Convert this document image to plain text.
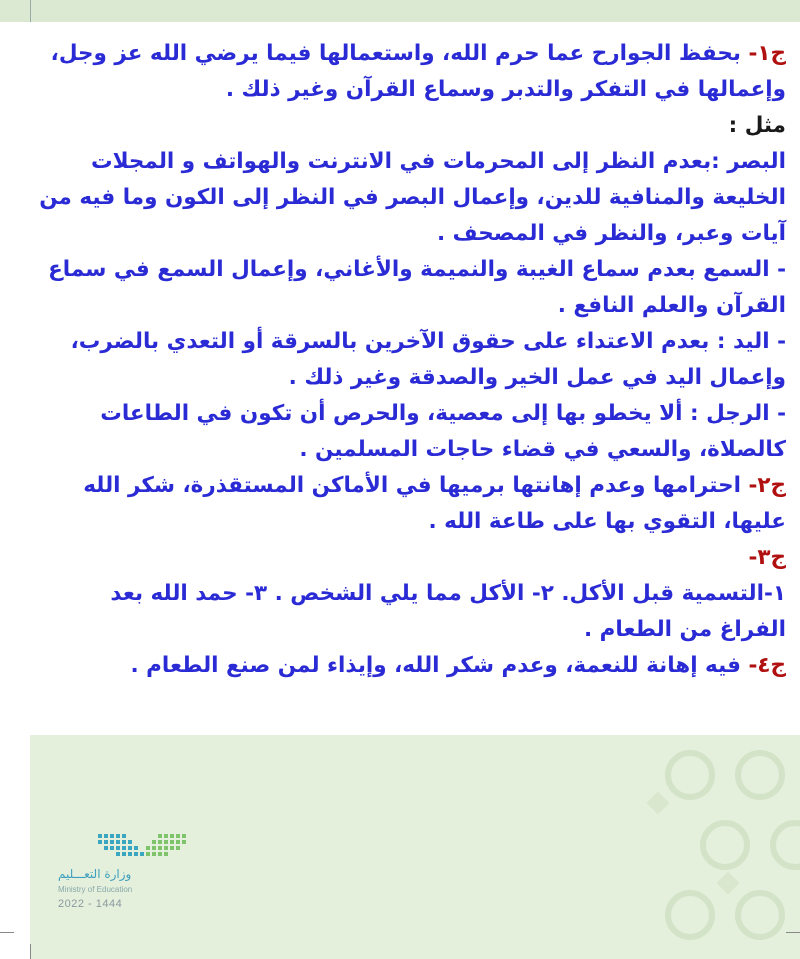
ج١- بحفظ الجوارح عما حرم الله، واستعمالها فيما يرضي الله عز وجل،
وإعمالها في التفكر والتدبر وسماع القرآن وغير ذلك .
مثل :
البصر :بعدم النظر إلى المحرمات في الانترنت والهواتف و المجلات
الخليعة والمنافية للدين، وإعمال البصر في النظر إلى الكون وما فيه من
آيات وعبر، والنظر في المصحف .
- السمع بعدم سماع الغيبة والنميمة والأغاني، وإعمال السمع في سماع
القرآن والعلم النافع .
- اليد : بعدم الاعتداء على حقوق الآخرين بالسرقة أو التعدي بالضرب،
وإعمال اليد في عمل الخير والصدقة وغير ذلك .
- الرجل : ألا يخطو بها إلى معصية، والحرص أن تكون في الطاعات
كالصلاة، والسعي في قضاء حاجات المسلمين .
ج٢- احترامها وعدم إهانتها برميها في الأماكن المستقذرة، شكر الله
عليها، التقوي بها على طاعة الله .
ج٣-
١-التسمية قبل الأكل. ٢- الأكل مما يلي الشخص . ٣- حمد الله بعد
الفراغ من الطعام .
ج٤- فيه إهانة للنعمة، وعدم شكر الله، وإيذاء لمن صنع الطعام .
وزارة التعـــليم
Ministry of Education
2022 - 1444
